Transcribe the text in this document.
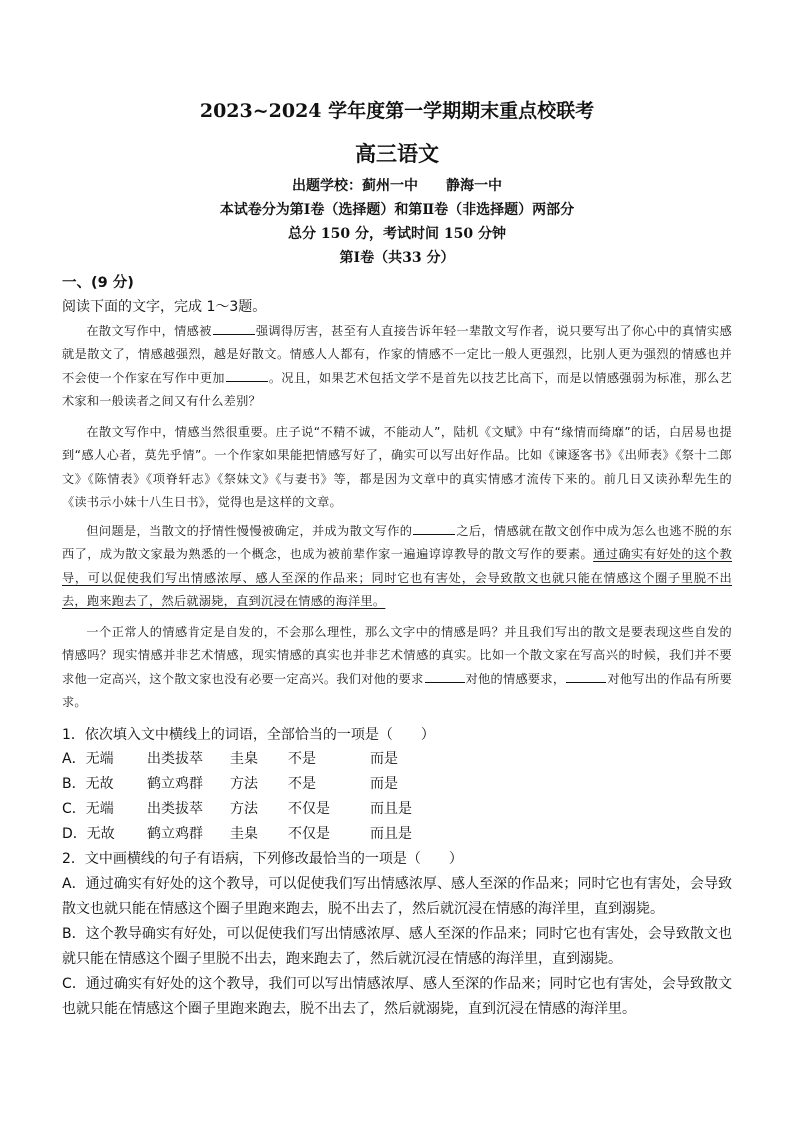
2023~2024 学年度第一学期期末重点校联考
高三语文
出题学校：蓟州一中　　静海一中
本试卷分为第Ⅰ卷（选择题）和第Ⅱ卷（非选择题）两部分
总分 150 分，考试时间 150 分钟
第Ⅰ卷（共33 分）
一、(9 分)
阅读下面的文字，完成 1～3题。
在散文写作中，情感被	强调得厉害，甚至有人直接告诉年轻一辈散文写作者，说只要写出了你心中的真情实感就是散文了，情感越强烈，越是好散文。情感人人都有，作家的情感不一定比一般人更强烈，比别人更为强烈的情感也并不会使一个作家在写作中更加	。况且，如果艺术包括文学不是首先以技艺比高下，而是以情感强弱为标准，那么艺术家和一般读者之间又有什么差别？
在散文写作中，情感当然很重要。庄子说“不精不诚，不能动人”，陆机《文赋》中有“缘情而绮靡”的话，白居易也提到“感人心者，莫先乎情”。一个作家如果能把情感写好了，确实可以写出好作品。比如《谏逐客书》《出师表》《祭十二郎文》《陈情表》《项脊轩志》《祭妹文》《与妻书》等，都是因为文章中的真实情感才流传下来的。前几日又读孙犁先生的《读书示小妹十八生日书》，觉得也是这样的文章。
但问题是，当散文的抒情性慢慢被确定，并成为散文写作的	之后，情感就在散文创作中成为怎么也逃不脱的东西了，成为散文家最为熟悉的一个概念，也成为被前辈作家一遍遍谆谆教导的散文写作的要素。通过确实有好处的这个教导，可以促使我们写出情感浓厚、感人至深的作品来；同时它也有害处，会导致散文也就只能在情感这个圈子里脱不出去，跑来跑去了，然后就溺毙，直到沉浸在情感的海洋里。
一个正常人的情感肯定是自发的，不会那么理性，那么文字中的情感是吗？并且我们写出的散文是要表现这些自发的情感吗？现实情感并非艺术情感，现实情感的真实也并非艺术情感的真实。比如一个散文家在写高兴的时候，我们并不要求他一定高兴，这个散文家也没有必要一定高兴。我们对他的要求	对他的情感要求，	对他写出的作品有所要求。
1．依次填入文中横线上的词语，全部恰当的一项是（　　）
A．无端 出类拔萃 圭臬 不是	而是
B．无故 鹤立鸡群 方法 不是	而是
C．无端 出类拔萃 方法 不仅是	而且是
D．无故 鹤立鸡群 圭臬 不仅是	而且是
2．文中画横线的句子有语病，下列修改最恰当的一项是（　　）
A．通过确实有好处的这个教导，可以促使我们写出情感浓厚、感人至深的作品来；同时它也有害处，会导致散文也就只能在情感这个圈子里跑来跑去，脱不出去了，然后就沉浸在情感的海洋里，直到溺毙。
B．这个教导确实有好处，可以促使我们写出情感浓厚、感人至深的作品来；同时它也有害处，会导致散文也就只能在情感这个圈子里脱不出去，跑来跑去了，然后就沉浸在情感的海洋里，直到溺毙。
C．通过确实有好处的这个教导，我们可以写出情感浓厚、感人至深的作品来；同时它也有害处，会导致散文也就只能在情感这个圈子里跑来跑去，脱不出去了，然后就溺毙，直到沉浸在情感的海洋里。
